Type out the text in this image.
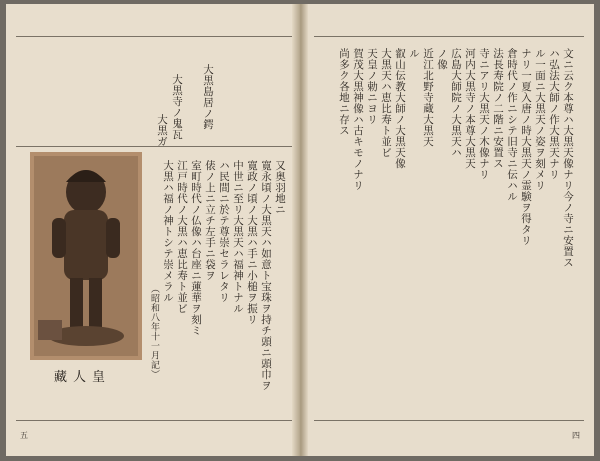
大黒寺ノ鬼瓦 大黒島居ノ鍔
大黒ガ
又奥羽地ニ
寛永頃ノ大黒天ハ如意ト宝珠ヲ持チ頭ニ頭巾ヲ
寛政ノ頃ノ大黒ハ手ニ小槌ヲ振リ
中世ニ至リ大黒天ハ福神トナル
ハ民間ニ於テ尊崇セラレタリ
俵ノ上ニ立チ左手ニ袋ヲ
室町時代ノ仏像ハ台座ニ蓮華ヲ刻ミ
江戸時代ノ大黒ハ恵比寿ト並ビ
大黒ハ福ノ神トシテ崇メラル
（昭和八年十一月記）
藏人皇
五
文ニ云ク本尊ハ大黒天像ナリ今ノ寺ニ安置ス
ハ弘法大師ノ作大黒天ナリ
ル一面ニ大黒天ノ姿ヲ刻メリ
ナリ一夏入唐ノ時大黒天ノ霊験ヲ得タリ
倉時代ノ作ニシテ旧寺ニ伝ハル
法長寿院ノ二階ニ安置ス
寺ニアリ大黒天ノ木像ナリ
河内大黒寺ノ本尊大黒天
広島大師院ノ大黒天ハ
ノ像
近江北野寺蔵大黒天
ル
叡山伝教大師ノ大黒天像
大黒天ハ恵比寿ト並ビ
天皇ノ勅ニヨリ
賀茂大黒神像ハ古キモノナリ
尚多ク各地ニ存ス
四
